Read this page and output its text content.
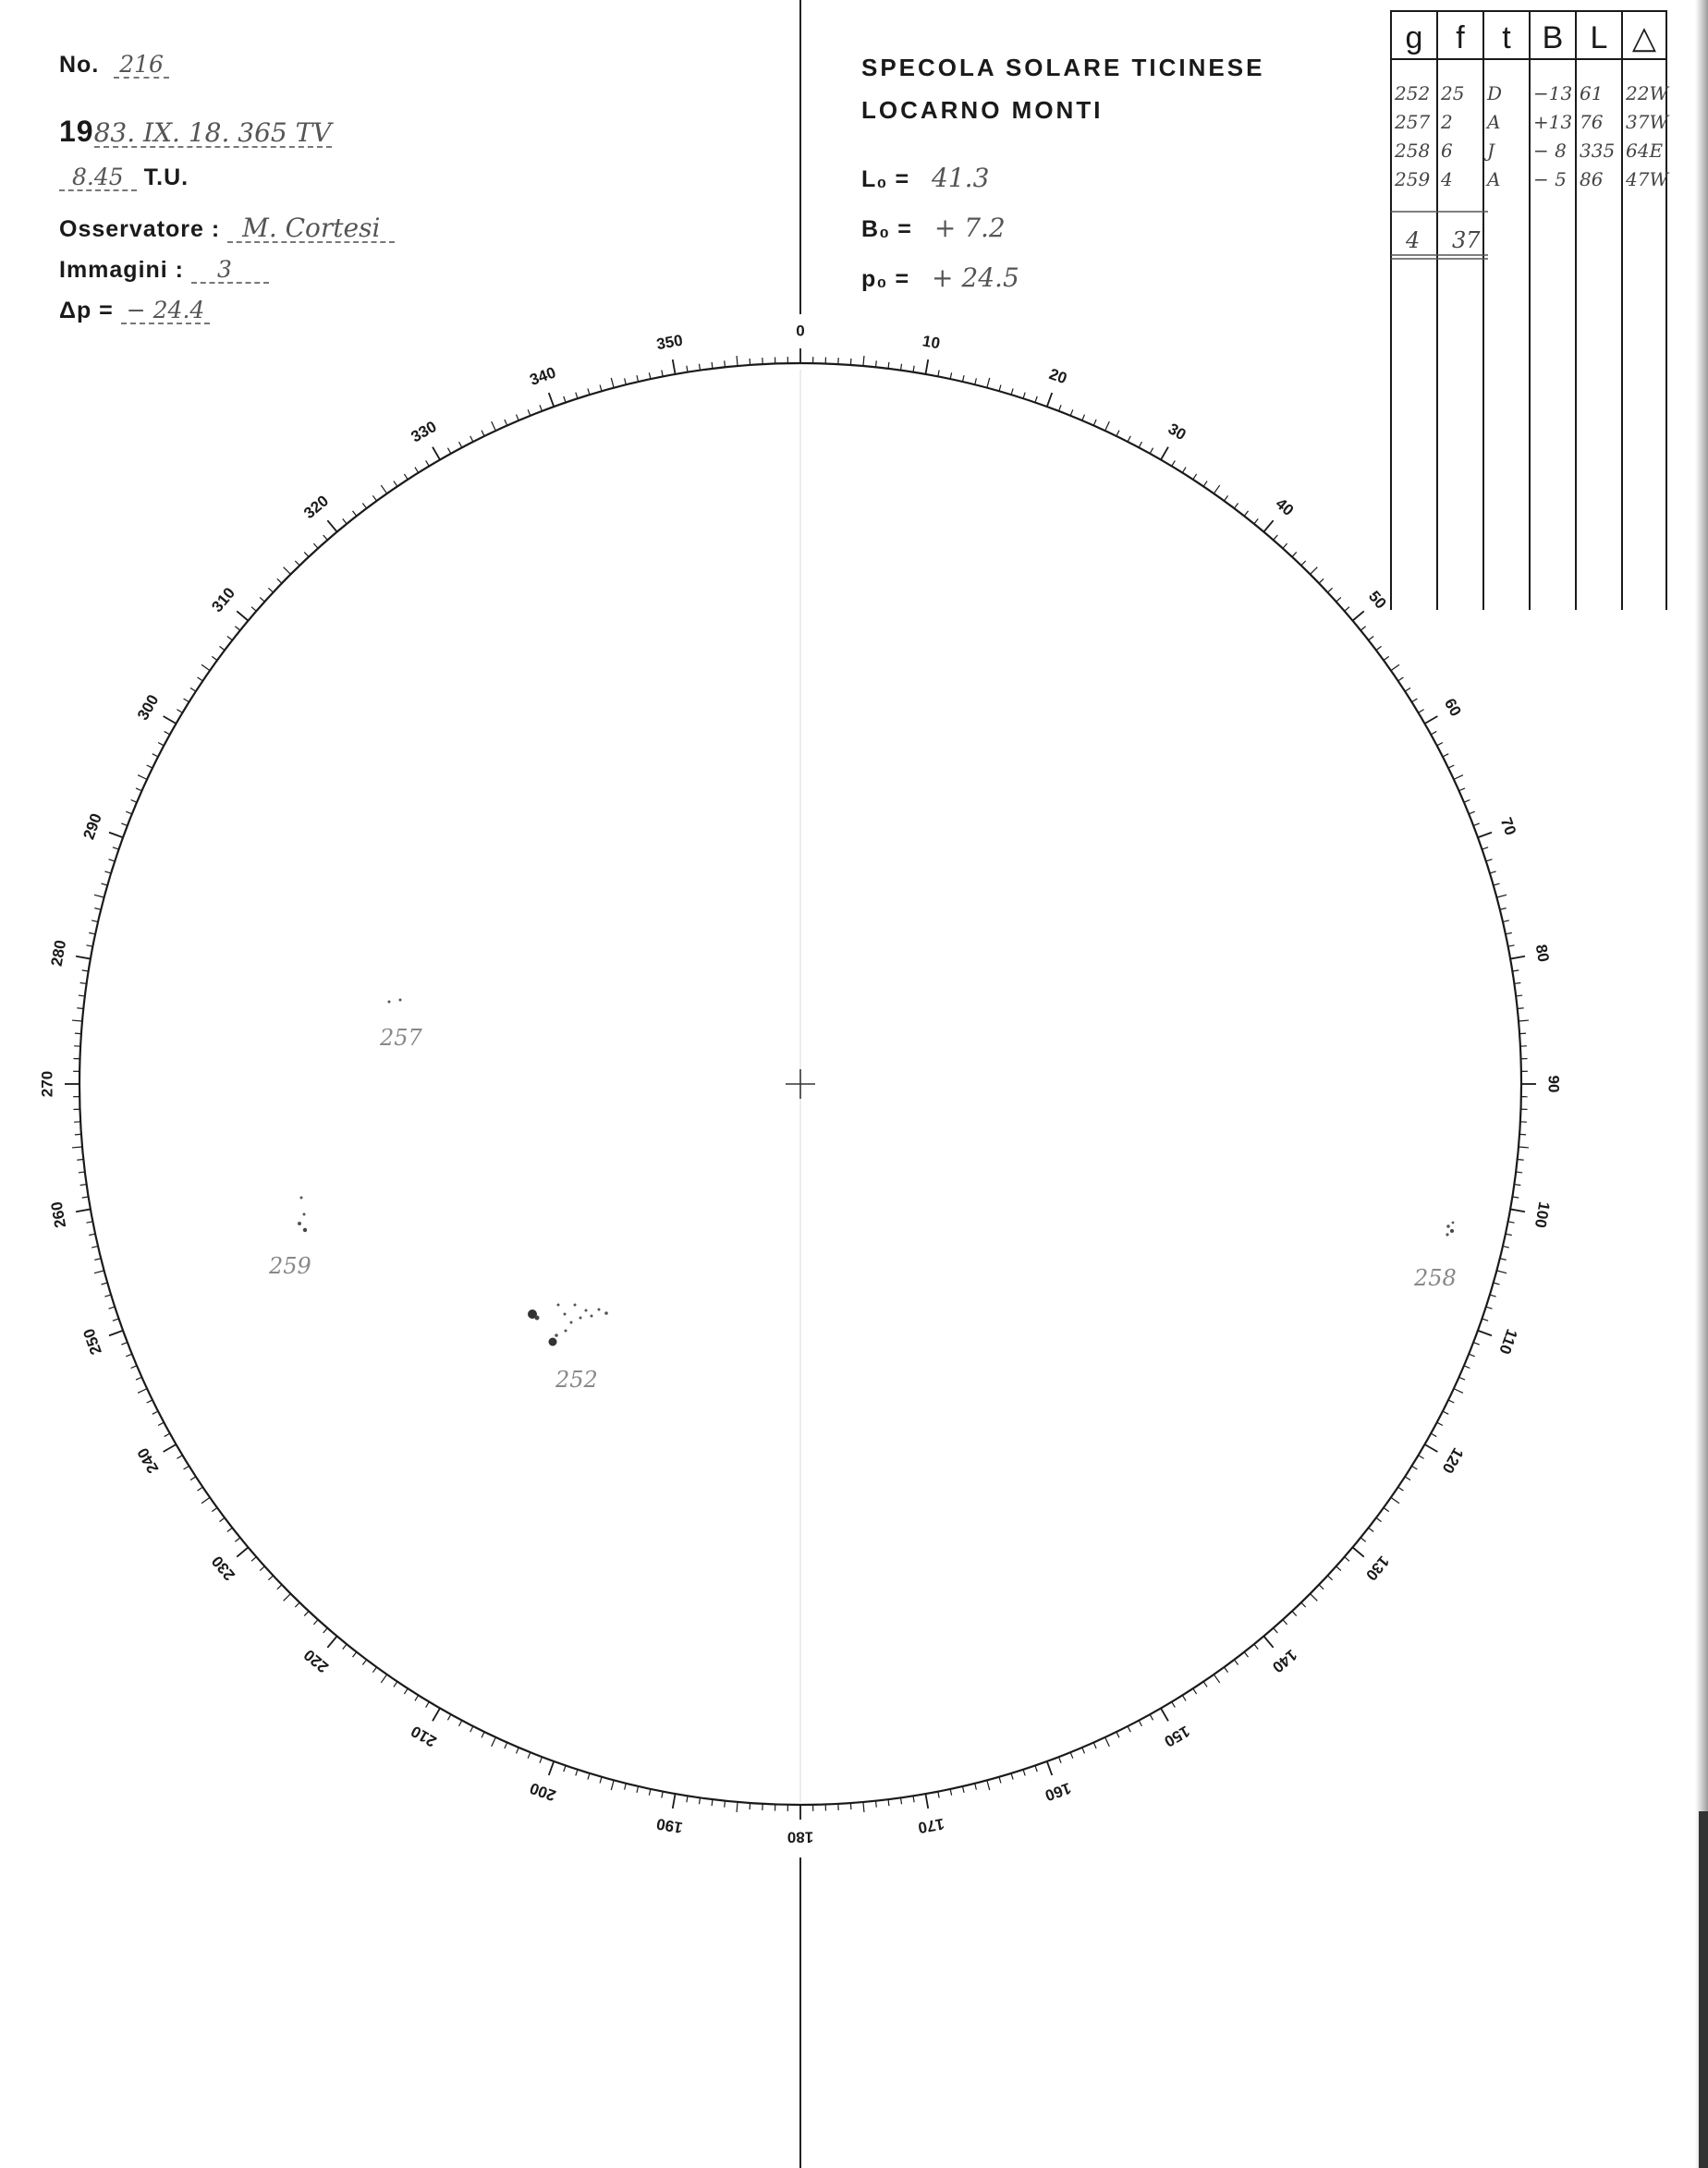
No. 216
1983. IX. 18. 365 TV
8.45 T.U.
Osservatore : M. Cortesi
Immagini : 3
Δp = − 24.4
SPECOLA SOLARE TICINESE
LOCARNO MONTI
L₀ = 41.3
B₀ = + 7.2
p₀ = + 24.5
0
10
20
30
40
50
60
70
80
90
100
110
120
130
140
150
160
170
180
190
200
210
220
230
240
250
260
270
280
290
300
310
320
330
340
350
257
259
252
258
g f t B L △
252 25 D −13 61 22W
257 2 A +13 76 37W
258 6 J − 8 335 64E
259 4 A − 5 86 47W
4 37
